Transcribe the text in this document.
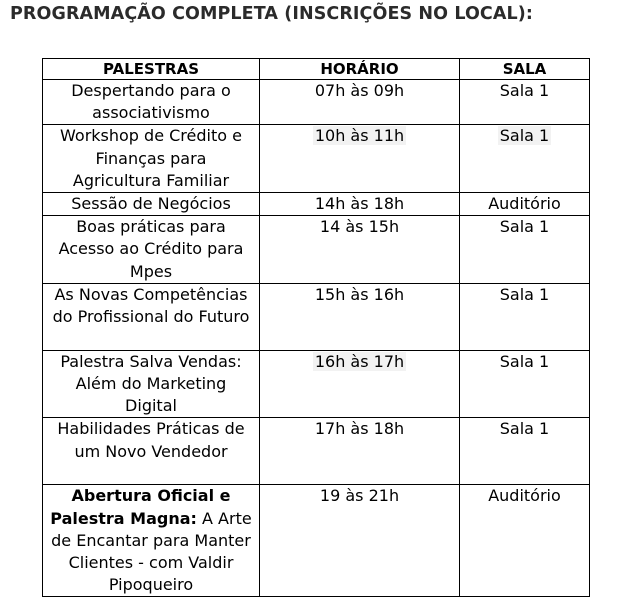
PROGRAMAÇÃO COMPLETA (INSCRIÇÕES NO LOCAL):
PALESTRAS	HORÁRIO	SALA
Despertando para o associativismo	07h às 09h	Sala 1
Workshop de Crédito e Finanças para Agricultura Familiar	10h às 11h	Sala 1
Sessão de Negócios	14h às 18h	Auditório
Boas práticas para Acesso ao Crédito para Mpes	14 às 15h	Sala 1
As Novas Competências do Profissional do Futuro	15h às 16h	Sala 1
Palestra Salva Vendas: Além do Marketing Digital	16h às 17h	Sala 1
Habilidades Práticas de um Novo Vendedor	17h às 18h	Sala 1
Abertura Oficial e Palestra Magna: A Arte de Encantar para Manter Clientes - com Valdir Pipoqueiro	19 às 21h	Auditório
